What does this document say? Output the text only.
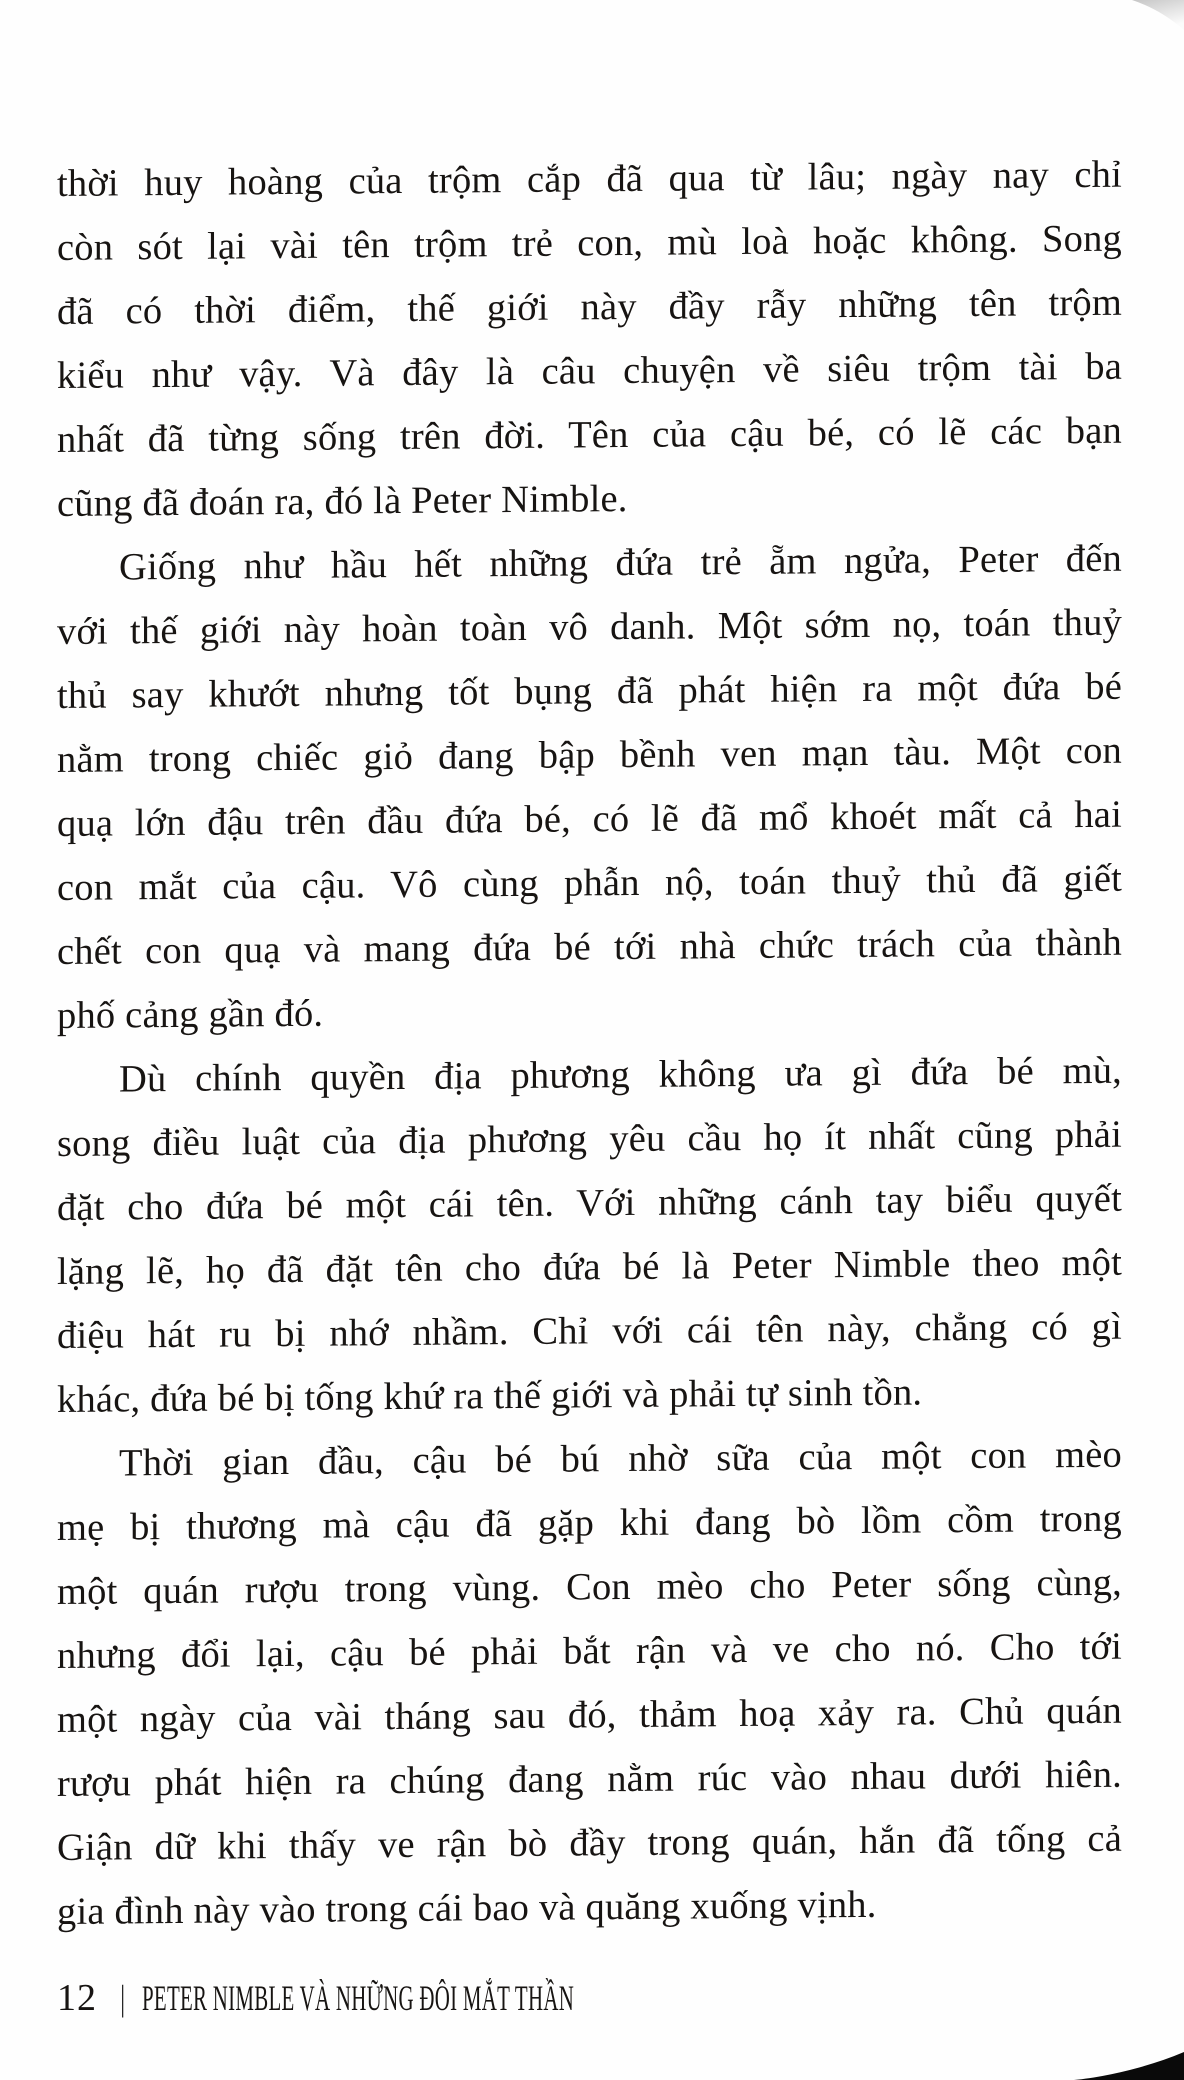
thời huy hoàng của trộm cắp đã qua từ lâu; ngày nay chỉ
còn sót lại vài tên trộm trẻ con, mù loà hoặc không. Song
đã có thời điểm, thế giới này đầy rẫy những tên trộm
kiểu như vậy. Và đây là câu chuyện về siêu trộm tài ba
nhất đã từng sống trên đời. Tên của cậu bé, có lẽ các bạn
cũng đã đoán ra, đó là Peter Nimble.
Giống như hầu hết những đứa trẻ ẵm ngửa, Peter đến
với thế giới này hoàn toàn vô danh. Một sớm nọ, toán thuỷ
thủ say khướt nhưng tốt bụng đã phát hiện ra một đứa bé
nằm trong chiếc giỏ đang bập bềnh ven mạn tàu. Một con
quạ lớn đậu trên đầu đứa bé, có lẽ đã mổ khoét mất cả hai
con mắt của cậu. Vô cùng phẫn nộ, toán thuỷ thủ đã giết
chết con quạ và mang đứa bé tới nhà chức trách của thành
phố cảng gần đó.
Dù chính quyền địa phương không ưa gì đứa bé mù,
song điều luật của địa phương yêu cầu họ ít nhất cũng phải
đặt cho đứa bé một cái tên. Với những cánh tay biểu quyết
lặng lẽ, họ đã đặt tên cho đứa bé là Peter Nimble theo một
điệu hát ru bị nhớ nhầm. Chỉ với cái tên này, chẳng có gì
khác, đứa bé bị tống khứ ra thế giới và phải tự sinh tồn.
Thời gian đầu, cậu bé bú nhờ sữa của một con mèo
mẹ bị thương mà cậu đã gặp khi đang bò lồm cồm trong
một quán rượu trong vùng. Con mèo cho Peter sống cùng,
nhưng đổi lại, cậu bé phải bắt rận và ve cho nó. Cho tới
một ngày của vài tháng sau đó, thảm hoạ xảy ra. Chủ quán
rượu phát hiện ra chúng đang nằm rúc vào nhau dưới hiên.
Giận dữ khi thấy ve rận bò đầy trong quán, hắn đã tống cả
gia đình này vào trong cái bao và quăng xuống vịnh.
12 | PETER NIMBLE VÀ NHỮNG ĐÔI MẮT THẦN
